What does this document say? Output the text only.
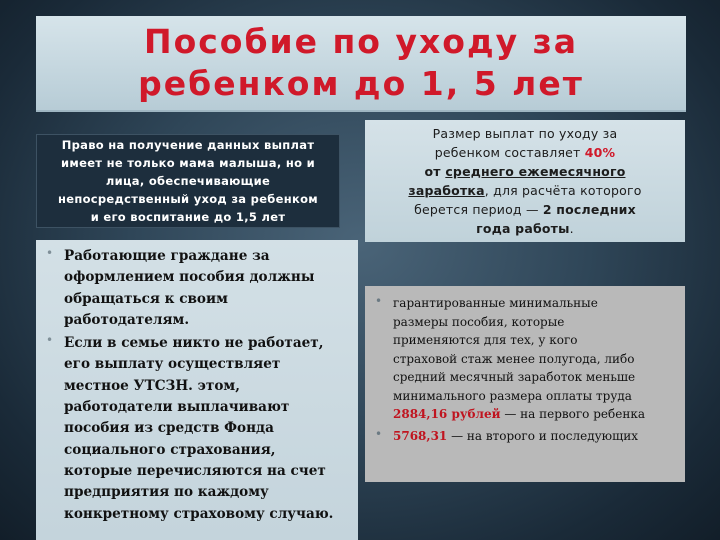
Пособие по уходу за
ребенком до 1, 5 лет
Право на получение данных выплат
имеет не только мама малыша, но и
лица, обеспечивающие
непосредственный уход за ребенком
и его воспитание до 1,5 лет
Размер выплат по уходу за
ребенком составляет 40%
от среднего ежемесячного
заработка, для расчёта которого
берется период — 2 последних
года работы.
• Работающие граждане за
оформлением пособия должны
обращаться к своим
работодателям.
• Если в семье никто не работает,
его выплату осуществляет
местное УТСЗН. этом,
работодатели выплачивают
пособия из средств Фонда
социального страхования,
которые перечисляются на счет
предприятия по каждому
конкретному страховому случаю.
• гарантированные минимальные
размеры пособия, которые
применяются для тех, у кого
страховой стаж менее полугода, либо
средний месячный заработок меньше
минимального размера оплаты труда
2884,16 рублей — на первого ребенка
• 5768,31 — на второго и последующих
